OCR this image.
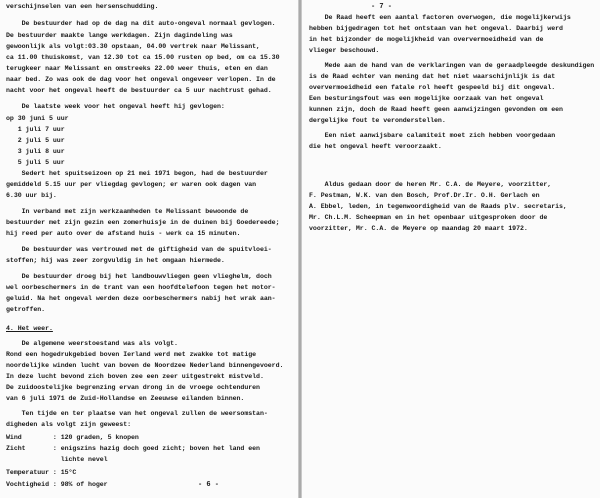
verschijnselen van een hersenschudding.
De bestuurder had op de dag na dit auto-ongeval normaal gevlogen.
De bestuurder maakte lange werkdagen. Zijn dagindeling was
gewoonlijk als volgt:03.30 opstaan, 04.00 vertrek naar Melissant,
ca 11.00 thuiskomst, van 12.30 tot ca 15.00 rusten op bed, om ca 15.30
terugkeer naar Melissant en omstreeks 22.00 weer thuis, eten en dan
naar bed. Zo was ook de dag voor het ongeval ongeveer verlopen. In de
nacht voor het ongeval heeft de bestuurder ca 5 uur nachtrust gehad.
De laatste week voor het ongeval heeft hij gevlogen:
op 30 juni 5 uur
1 juli 7 uur
2 juli 5 uur
3 juli 8 uur
5 juli 5 uur
Sedert het spuitseizoen op 21 mei 1971 begon, had de bestuurder
gemiddeld 5.15 uur per vliegdag gevlogen; er waren ook dagen van
6.30 uur bij.
In verband met zijn werkzaamheden te Melissant bewoonde de
bestuurder met zijn gezin een zomerhuisje in de duinen bij Goedereede;
hij reed per auto over de afstand huis - werk ca 15 minuten.
De bestuurder was vertrouwd met de giftigheid van de spuitvloei-
stoffen; hij was zeer zorgvuldig in het omgaan hiermede.
De bestuurder droeg bij het landbouwvliegen geen vlieghelm, doch
wel oorbeschermers in de trant van een hoofdtelefoon tegen het motor-
geluid. Na het ongeval werden deze oorbeschermers nabij het wrak aan-
getroffen.
4. Het weer.
De algemene weerstoestand was als volgt.
Rond een hogedrukgebied boven Ierland werd met zwakke tot matige
noordelijke winden lucht van boven de Noordzee Nederland binnengevoerd.
In deze lucht bevond zich boven zee een zeer uitgestrekt mistveld.
De zuidoostelijke begrenzing ervan drong in de vroege ochtenduren
van 6 juli 1971 de Zuid-Hollandse en Zeeuwse eilanden binnen.
Ten tijde en ter plaatse van het ongeval zullen de weersomstan-
digheden als volgt zijn geweest:
Wind        : 120 graden, 5 knopen
Zicht       : enigszins hazig doch goed zicht; boven het land een
lichte nevel
Temperatuur : 15°C
Vochtigheid : 98% of hoger	- 6 -
- 7 -
De Raad heeft een aantal factoren overwogen, die mogelijkerwijs
hebben bijgedragen tot het ontstaan van het ongeval. Daarbij werd
in het bijzonder de mogelijkheid van oververmoeidheid van de
vlieger beschouwd.
Mede aan de hand van de verklaringen van de geraadpleegde deskundigen
is de Raad echter van mening dat het niet waarschijnlijk is dat
oververmoeidheid een fatale rol heeft gespeeld bij dit ongeval.
Een besturingsfout was een mogelijke oorzaak van het ongeval
kunnen zijn, doch de Raad heeft geen aanwijzingen gevonden om een
dergelijke fout te veronderstellen.
Een niet aanwijsbare calamiteit moet zich hebben voorgedaan
die het ongeval heeft veroorzaakt.
Aldus gedaan door de heren Mr. C.A. de Meyere, voorzitter,
F. Pestman, W.K. van den Bosch, Prof.Dr.Ir. O.H. Gerlach en
A. Ebbel, leden, in tegenwoordigheid van de Raads plv. secretaris,
Mr. Ch.L.M. Scheepman en in het openbaar uitgesproken door de
voorzitter, Mr. C.A. de Meyere op maandag 20 maart 1972.
